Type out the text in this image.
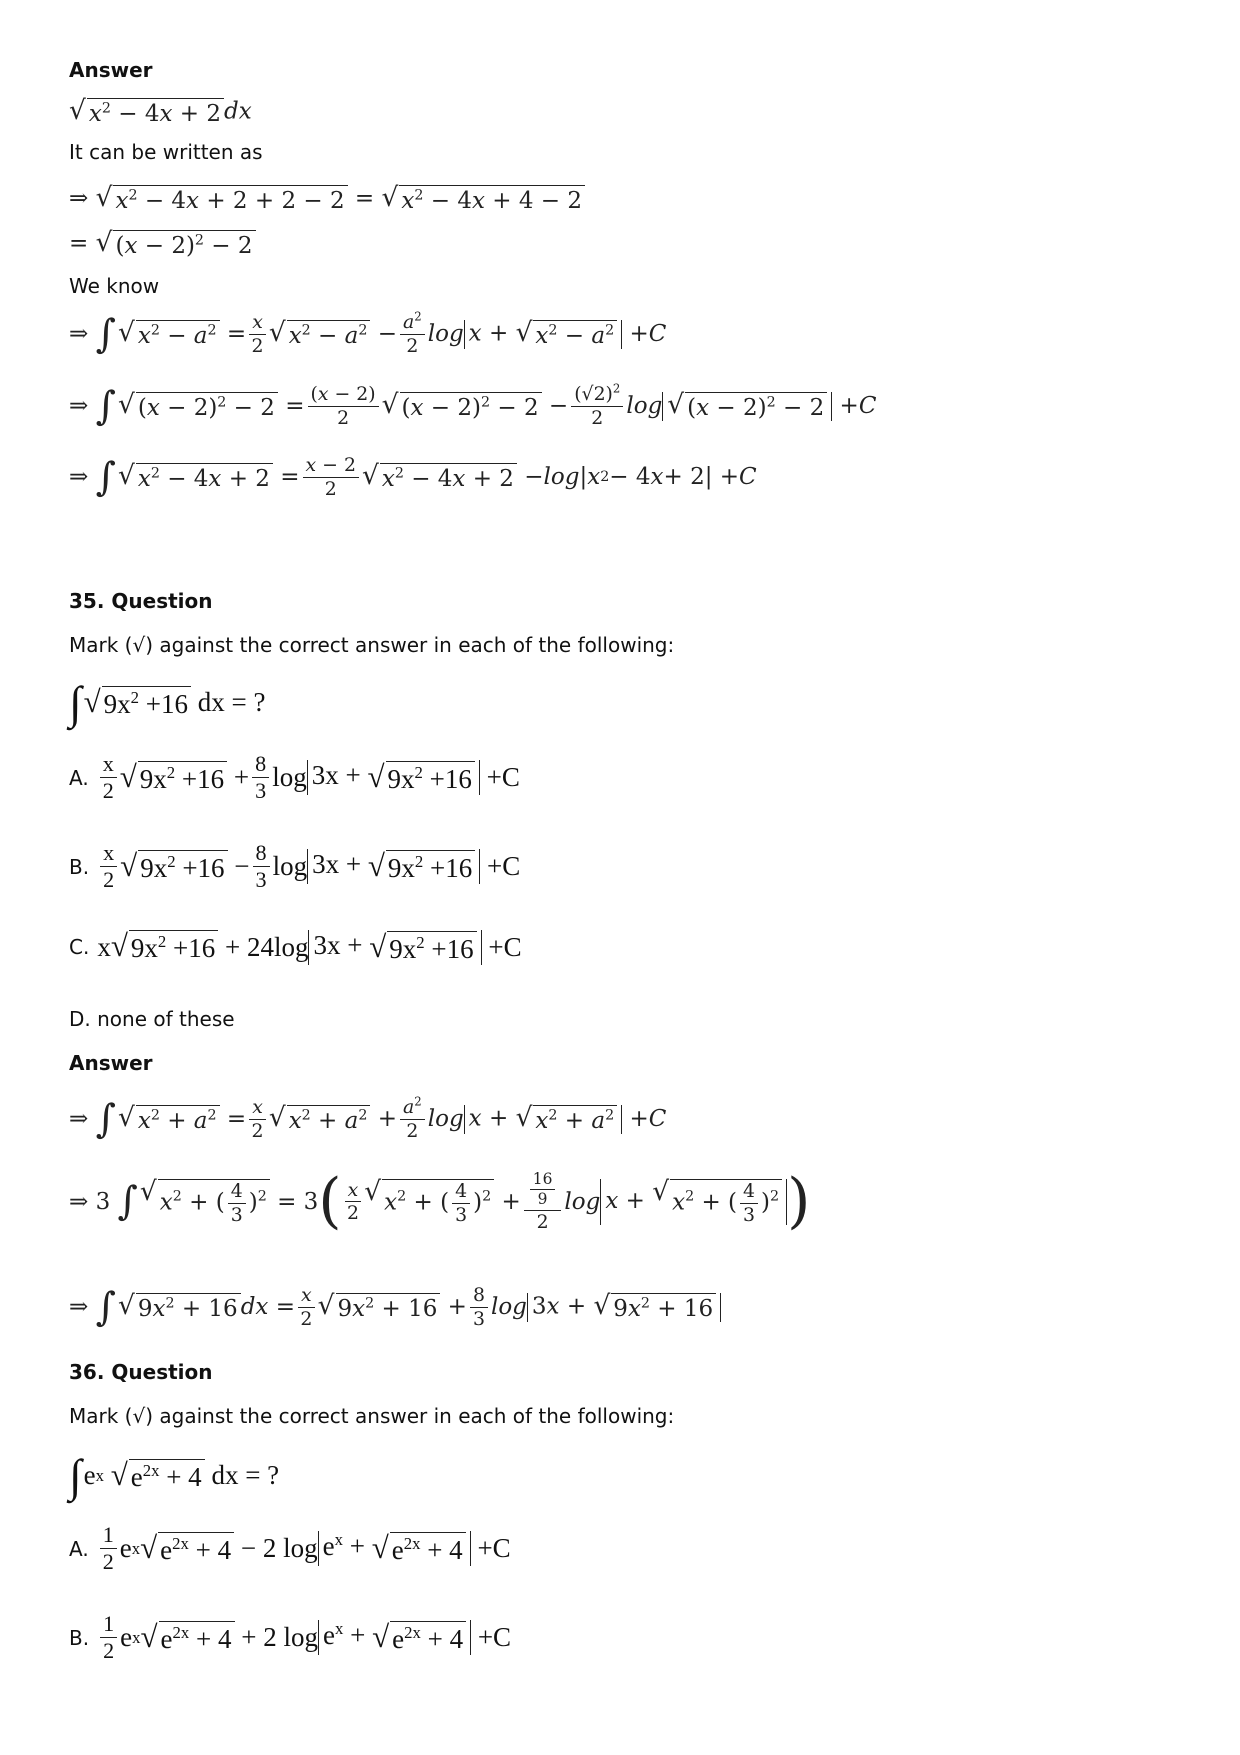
Answer
√ $x^2 - 4x + 2$ dx
It can be written as
⇒ √ $x^2 - 4x + 2 + 2 - 2$ = √ $x^2 - 4x + 4 - 2$
= √ $(x - 2)^2 - 2$
We know
⇒ ∫ √ $x^2 - a^2 = \frac{x}{2}$ √ $x^2 - a^2 - \frac{a^2}{2}$ log x + √ $x^2 - a^2 + C$
⇒ ∫ √ $(x - 2)^2 - 2 = \frac{(x - 2)}{2}$ √ $(x - 2)^2 - 2 - \frac{(√2)^2}{2}$ log √ $(x - 2)^2 - 2 + C$
⇒ ∫ √ $x^2 - 4x + 2 = \frac{x - 2}{2}$ √ $x^2 - 4x + 2 - \log$ | x 2 − 4 x + 2| + C
35. Question
Mark (√) against the correct answer in each of the following:
∫ √ $9x^2 +16$ dx = ?
A. $\frac{x}{2}$ √ $9x^2 +16 + \frac{8}{3}$ log 3x + √ $9x^2 +16 +C$
B. $\frac{x}{2}$ √ $9x^2 +16 - \frac{8}{3}$ log 3x + √ $9x^2 +16 +C$
C. x √ $9x^2 +16 + 24\log$ 3x + √ $9x^2 +16 +C$
D.
none of these
Answer
⇒ ∫ √ $x^2 + a^2 = \frac{x}{2}$ √ $x^2 + a^2 + \frac{a^2}{2}$ log x + √ $x^2 + a^2 + C$
⇒ 3 ∫ √ $x^2$ + ( $\frac{4}{3} )^2 = 3$ ( $\frac{x}{2}$ √ $x^2$ + ( $\frac{4}{3} )^2 + \frac{\frac{16}{9}}{2}$ log x + √ $x^2$ + ( $\frac{4}{3} )^2$ )
⇒ ∫ √ $9x^2 + 16$ dx = $\frac{x}{2}$ √ $9x^2 + 16 + \frac{8}{3}$ log 3x + √ $9x^2 + 16$
36. Question
Mark (√) against the correct answer in each of the following:
∫ e x
√ $e^{2x} + 4$ dx = ?
A. $\frac{1}{2}$ e x √ $e^{2x} + 4 - 2$ $\log e^x$ + √ $e^{2x} + 4 +C$
B. $\frac{1}{2}$ e x √ $e^{2x} + 4 + 2$ $\log e^x$ + √ $e^{2x} + 4 +C$
